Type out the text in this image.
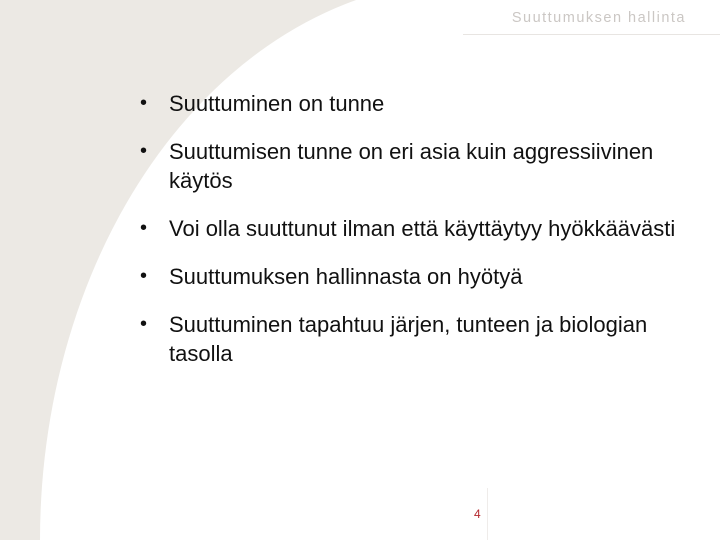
Suuttumuksen hallinta
• Suuttuminen on tunne
• Suuttumisen tunne on eri asia kuin aggressiivinen käytös
• Voi olla suuttunut ilman että käyttäytyy hyökkäävästi
• Suuttumuksen hallinnasta on hyötyä
• Suuttuminen tapahtuu järjen, tunteen ja biologian tasolla
4
